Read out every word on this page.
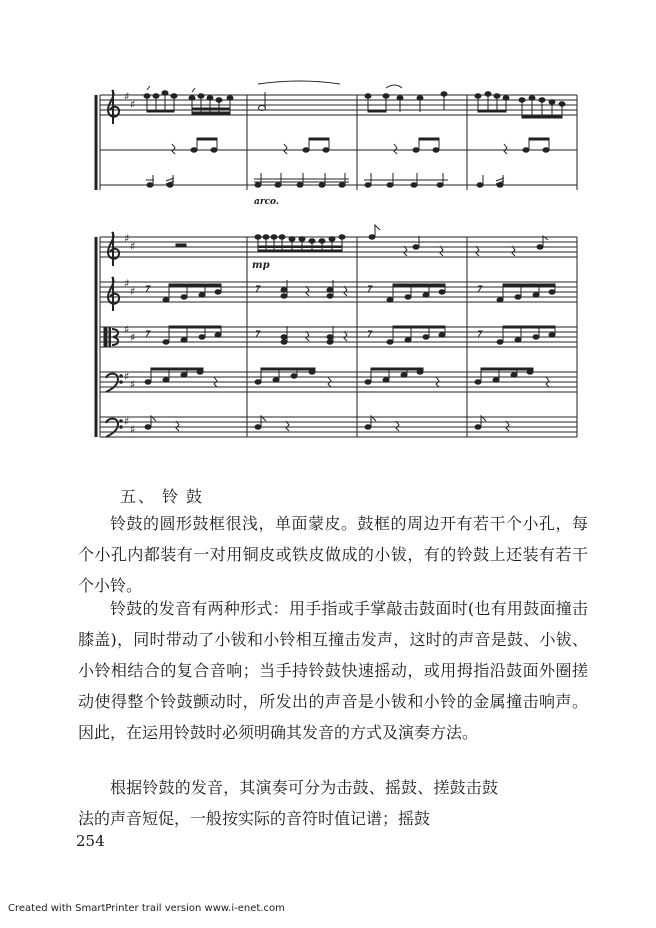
♯
♯
♯
♯
♯
♯
♯
♯
♯
♯
♯
♯
arco.
mp
五、 铃 鼓

铃鼓的圆形鼓框很浅，单面蒙皮。鼓框的周边开有若干个小孔，每个小孔内都装有一对用铜皮或铁皮做成的小钹，有的铃鼓上还装有若干个小铃。

铃鼓的发音有两种形式：用手指或手掌敲击鼓面时(也有用鼓面撞击膝盖)，同时带动了小钹和小铃相互撞击发声，这时的声音是鼓、小钹、小铃相结合的复合音响；当手持铃鼓快速摇动，或用拇指沿鼓面外圈搓动使得整个铃鼓颤动时，所发出的声音是小钹和小铃的金属撞击响声。因此，在运用铃鼓时必须明确其发音的方式及演奏方法。

根据铃鼓的发音，其演奏可分为击鼓、摇鼓、搓鼓击鼓法的声音短促，一般按实际的音符时值记谱；摇鼓

254

Created with SmartPrinter trail version www.i-enet.com
